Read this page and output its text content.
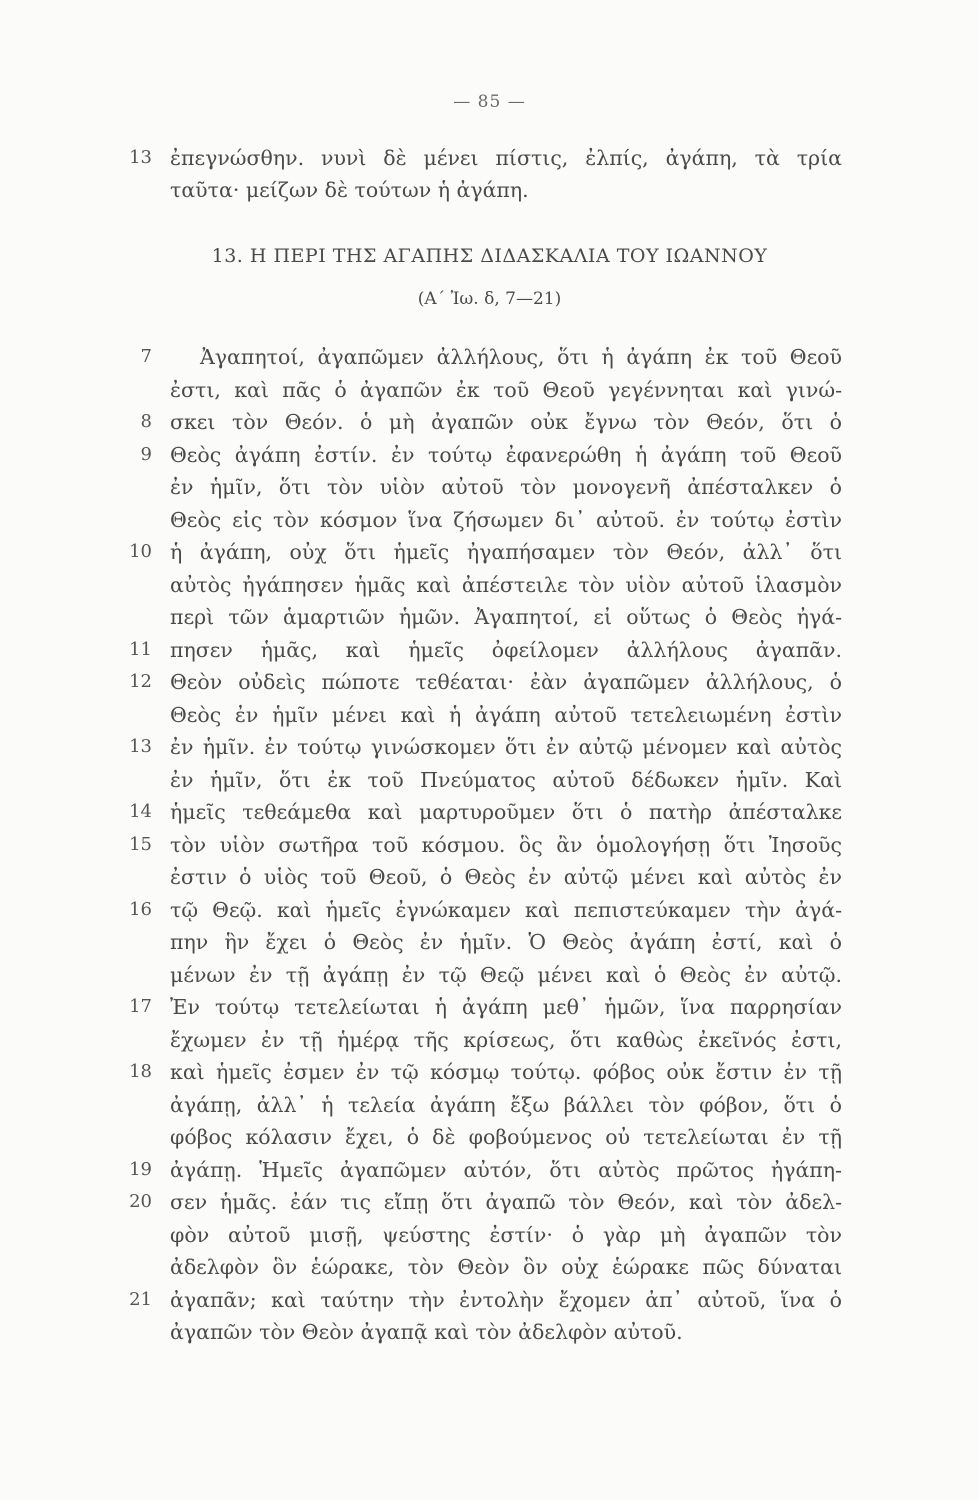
— 85 —
13 ἐπεγνώσθην. νυνὶ δὲ μένει πίστις, ἐλπίς, ἀγάπη, τὰ τρία
ταῦτα· μείζων δὲ τούτων ἡ ἀγάπη.
13. Η ΠΕΡΙ ΤΗΣ ΑΓΑΠΗΣ ΔΙΔΑΣΚΑΛΙΑ ΤΟΥ ΙΩΑΝΝΟΥ
(Α΄ Ἰω. δ, 7—21)
7	Ἀγαπητοί, ἀγαπῶμεν ἀλλήλους, ὅτι ἡ ἀγάπη ἐκ τοῦ Θεοῦ
ἐστι, καὶ πᾶς ὁ ἀγαπῶν ἐκ τοῦ Θεοῦ γεγέννηται καὶ γινώ-
8 σκει τὸν Θεόν. ὁ μὴ ἀγαπῶν οὐκ ἔγνω τὸν Θεόν, ὅτι ὁ
9 Θεὸς ἀγάπη ἐστίν. ἐν τούτῳ ἐφανερώθη ἡ ἀγάπη τοῦ Θεοῦ
ἐν ἡμῖν, ὅτι τὸν υἱὸν αὐτοῦ τὸν μονογενῆ ἀπέσταλκεν ὁ
Θεὸς εἰς τὸν κόσμον ἵνα ζήσωμεν δι᾿ αὐτοῦ. ἐν τούτῳ ἐστὶν
10 ἡ ἀγάπη, οὐχ ὅτι ἡμεῖς ἠγαπήσαμεν τὸν Θεόν, ἀλλ᾿ ὅτι
αὐτὸς ἠγάπησεν ἡμᾶς καὶ ἀπέστειλε τὸν υἱὸν αὐτοῦ ἱλασμὸν
περὶ τῶν ἁμαρτιῶν ἡμῶν. Ἀγαπητοί, εἰ οὕτως ὁ Θεὸς ἠγά-
11 πησεν ἡμᾶς, καὶ ἡμεῖς ὀφείλομεν ἀλλήλους ἀγαπᾶν.
12 Θεὸν οὐδεὶς πώποτε τεθέαται· ἐὰν ἀγαπῶμεν ἀλλήλους, ὁ
Θεὸς ἐν ἡμῖν μένει καὶ ἡ ἀγάπη αὐτοῦ τετελειωμένη ἐστὶν
13 ἐν ἡμῖν. ἐν τούτῳ γινώσκομεν ὅτι ἐν αὐτῷ μένομεν καὶ αὐτὸς
ἐν ἡμῖν, ὅτι ἐκ τοῦ Πνεύματος αὐτοῦ δέδωκεν ἡμῖν. Καὶ
14 ἡμεῖς τεθεάμεθα καὶ μαρτυροῦμεν ὅτι ὁ πατὴρ ἀπέσταλκε
15 τὸν υἱὸν σωτῆρα τοῦ κόσμου. ὃς ἂν ὁμολογήσῃ ὅτι Ἰησοῦς
ἐστιν ὁ υἱὸς τοῦ Θεοῦ, ὁ Θεὸς ἐν αὐτῷ μένει καὶ αὐτὸς ἐν
16 τῷ Θεῷ. καὶ ἡμεῖς ἐγνώκαμεν καὶ πεπιστεύκαμεν τὴν ἀγά-
πην ἣν ἔχει ὁ Θεὸς ἐν ἡμῖν. Ὁ Θεὸς ἀγάπη ἐστί, καὶ ὁ
μένων ἐν τῇ ἀγάπῃ ἐν τῷ Θεῷ μένει καὶ ὁ Θεὸς ἐν αὐτῷ.
17 Ἐν τούτῳ τετελείωται ἡ ἀγάπη μεθ᾿ ἡμῶν, ἵνα παρρησίαν
ἔχωμεν ἐν τῇ ἡμέρᾳ τῆς κρίσεως, ὅτι καθὼς ἐκεῖνός ἐστι,
18 καὶ ἡμεῖς ἐσμεν ἐν τῷ κόσμῳ τούτῳ. φόβος οὐκ ἔστιν ἐν τῇ
ἀγάπῃ, ἀλλ᾿ ἡ τελεία ἀγάπη ἔξω βάλλει τὸν φόβον, ὅτι ὁ
φόβος κόλασιν ἔχει, ὁ δὲ φοβούμενος οὐ τετελείωται ἐν τῇ
19 ἀγάπῃ. Ἡμεῖς ἀγαπῶμεν αὐτόν, ὅτι αὐτὸς πρῶτος ἠγάπη-
20 σεν ἡμᾶς. ἐάν τις εἴπῃ ὅτι ἀγαπῶ τὸν Θεόν, καὶ τὸν ἀδελ-
φὸν αὐτοῦ μισῇ, ψεύστης ἐστίν· ὁ γὰρ μὴ ἀγαπῶν τὸν
ἀδελφὸν ὃν ἑώρακε, τὸν Θεὸν ὃν οὐχ ἑώρακε πῶς δύναται
21 ἀγαπᾶν; καὶ ταύτην τὴν ἐντολὴν ἔχομεν ἀπ᾿ αὐτοῦ, ἵνα ὁ
ἀγαπῶν τὸν Θεὸν ἀγαπᾷ καὶ τὸν ἀδελφὸν αὐτοῦ.
